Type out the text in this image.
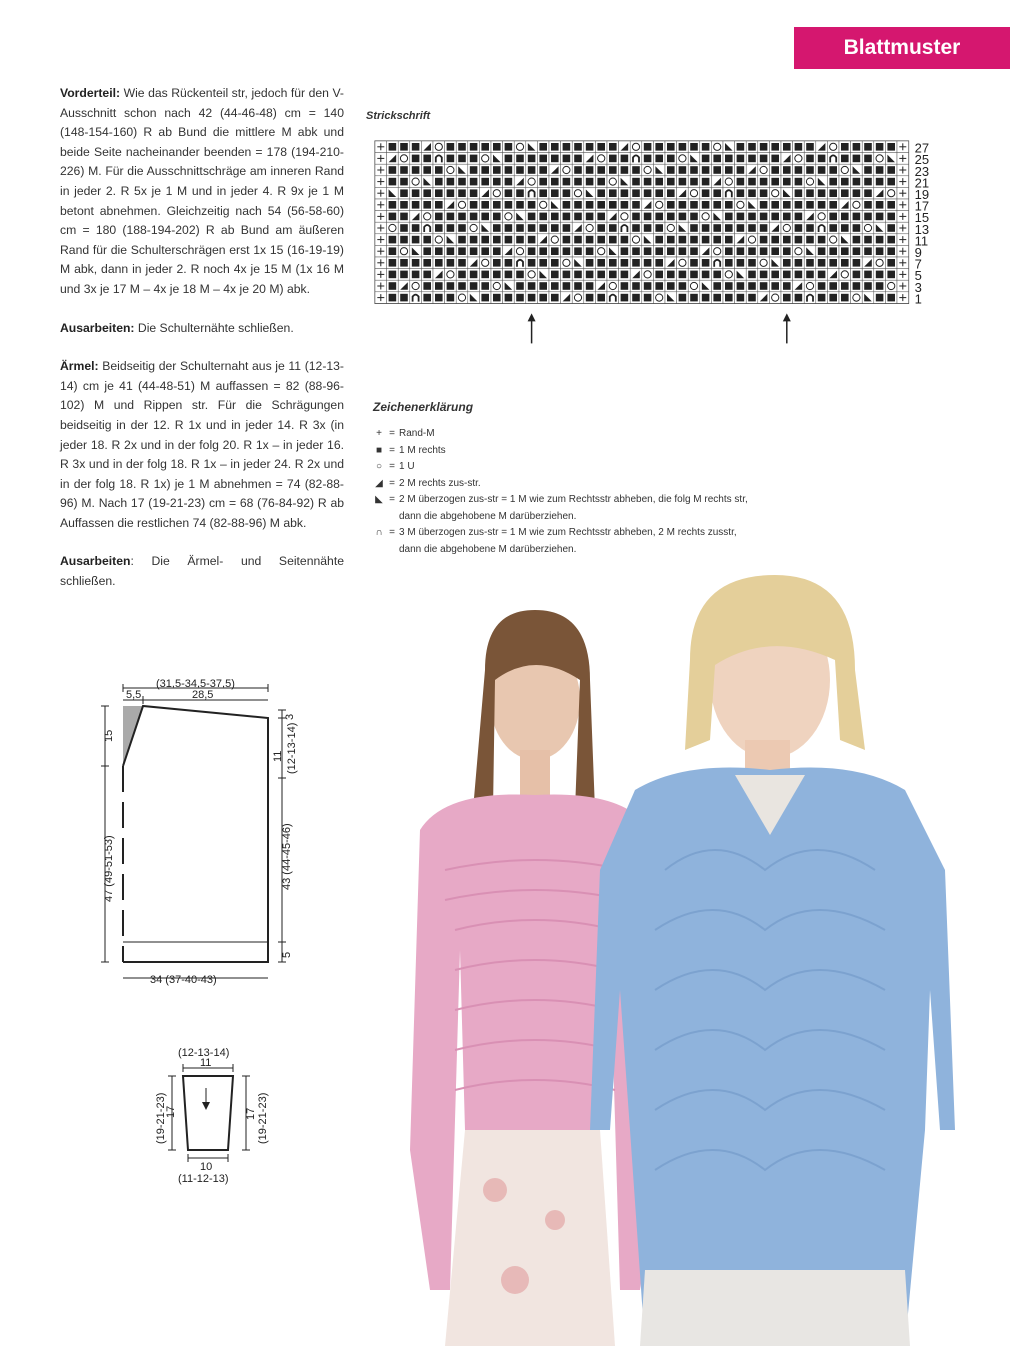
Blattmuster

Vorderteil: Wie das Rückenteil str, jedoch für den V-Ausschnitt schon nach 42 (44-46-48) cm = 140 (148-154-160) R ab Bund die mittlere M abk und beide Seite nacheinander beenden = 178 (194-210-226) M. Für die Ausschnittschräge am inneren Rand in jeder 2. R 5x je 1 M und in jeder 4. R 9x je 1 M betont abnehmen. Gleichzeitig nach 54 (56-58-60) cm = 180 (188-194-202) R ab Bund am äußeren Rand für die Schulterschrägen erst 1x 15 (16-19-19) M abk, dann in jeder 2. R noch 4x je 15 M (1x 16 M und 3x je 17 M – 4x je 18 M – 4x je 20 M) abk.

Ausarbeiten: Die Schulternähte schließen.

Ärmel: Beidseitig der Schulternaht aus je 11 (12-13-14) cm je 41 (44-48-51) M auffassen = 82 (88-96-102) M und Rippen str. Für die Schrägungen beidseitig in der 12. R 1x und in jeder 14. R 3x (in jeder 18. R 2x und in der folg 20. R 1x – in jeder 16. R 3x und in der folg 18. R 1x – in jeder 24. R 2x und in der folg 18. R 1x) je 1 M abnehmen = 74 (82-88-96) M. Nach 17 (19-21-23) cm = 68 (76-84-92) R ab Auffassen die restlichen 74 (82-88-96) M abk.

Ausarbeiten: Die Ärmel- und Seitennähte schließen.

Strickschrift
27
25
23
21
19
17
15
13
11
9
7
5
3
1
Zeichenerklärung
+ = Rand-M
■ = 1 M rechts
○ = 1 U
◢ = 2 M rechts zus-str.
◣ = 2 M überzogen zus-str = 1 M wie zum Rechtsstr abheben, die folg M rechts str, dann die abgehobene M darüberziehen.
∩ = 3 M überzogen zus-str = 1 M wie zum Rechtsstr abheben, 2 M rechts zusstr, dann die abgehobene M darüberziehen.
(31,5-34,5-37,5)
5,5	28,5
15
47 (49-51-53)
3
11 (12-13-14)
43 (44-45-46)
5
34 (37-40-43)
(12-13-14)
11
(19-21-23)
17	17 (19-21-23)
10
(11-12-13)
